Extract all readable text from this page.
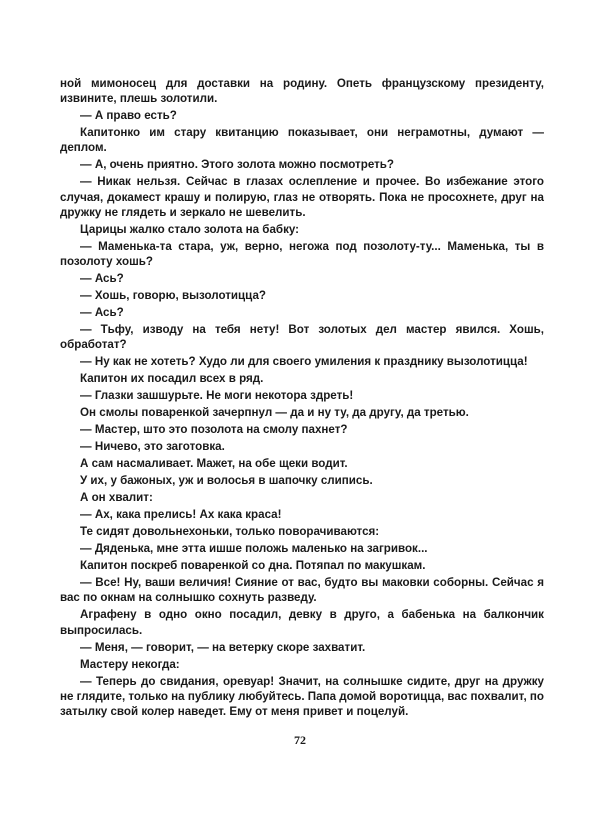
ной мимоносец для доставки на родину. Опеть французскому президенту, извините, плешь золотили.

— А право есть?

Капитонко им стару квитанцию показывает, они неграмотны, думают — деплом.

— А, очень приятно. Этого золота можно посмотреть?

— Никак нельзя. Сейчас в глазах ослепление и прочее. Во избежание этого случая, докамест крашу и полирую, глаз не отворять. Пока не просохнете, друг на дружку не глядеть и зеркало не шевелить.

Царицы жалко стало золота на бабку:

— Маменька-та стара, уж, верно, негожа под позолоту-ту... Маменька, ты в позолоту хошь?

— Ась?

— Хошь, говорю, вызолотицца?

— Ась?

— Тьфу, изводу на тебя нету! Вот золотых дел мастер явился. Хошь, обработат?

— Ну как не хотеть? Худо ли для своего умиления к празднику вызолотицца!

Капитон их посадил всех в ряд.

— Глазки зашшурьте. Не моги некотора здреть!

Он смолы поваренкой зачерпнул — да и ну ту, да другу, да третью.

— Мастер, што это позолота на смолу пахнет?

— Ничево, это заготовка.

А сам насмаливает. Мажет, на обе щеки водит.

У их, у бажоных, уж и волосья в шапочку слипись.

А он хвалит:

— Ах, кака прелись! Ах кака краса!

Те сидят довольнехоньки, только поворачиваются:

— Дяденька, мне этта ишше положь маленько на загривок...

Капитон поскреб поваренкой со дна. Потяпал по макушкам.

— Все! Ну, ваши величия! Сияние от вас, будто вы маковки соборны. Сейчас я вас по окнам на солнышко сохнуть разведу.

Аграфену в одно окно посадил, девку в друго, а бабенька на балкончик выпросилась.

— Меня, — говорит, — на ветерку скоре захватит.

Мастеру некогда:

— Теперь до свидания, оревуар! Значит, на солнышке сидите, друг на дружку не глядите, только на публику любуйтесь. Папа домой воротицца, вас похвалит, по затылку свой колер наведет. Ему от меня привет и поцелуй.

72
